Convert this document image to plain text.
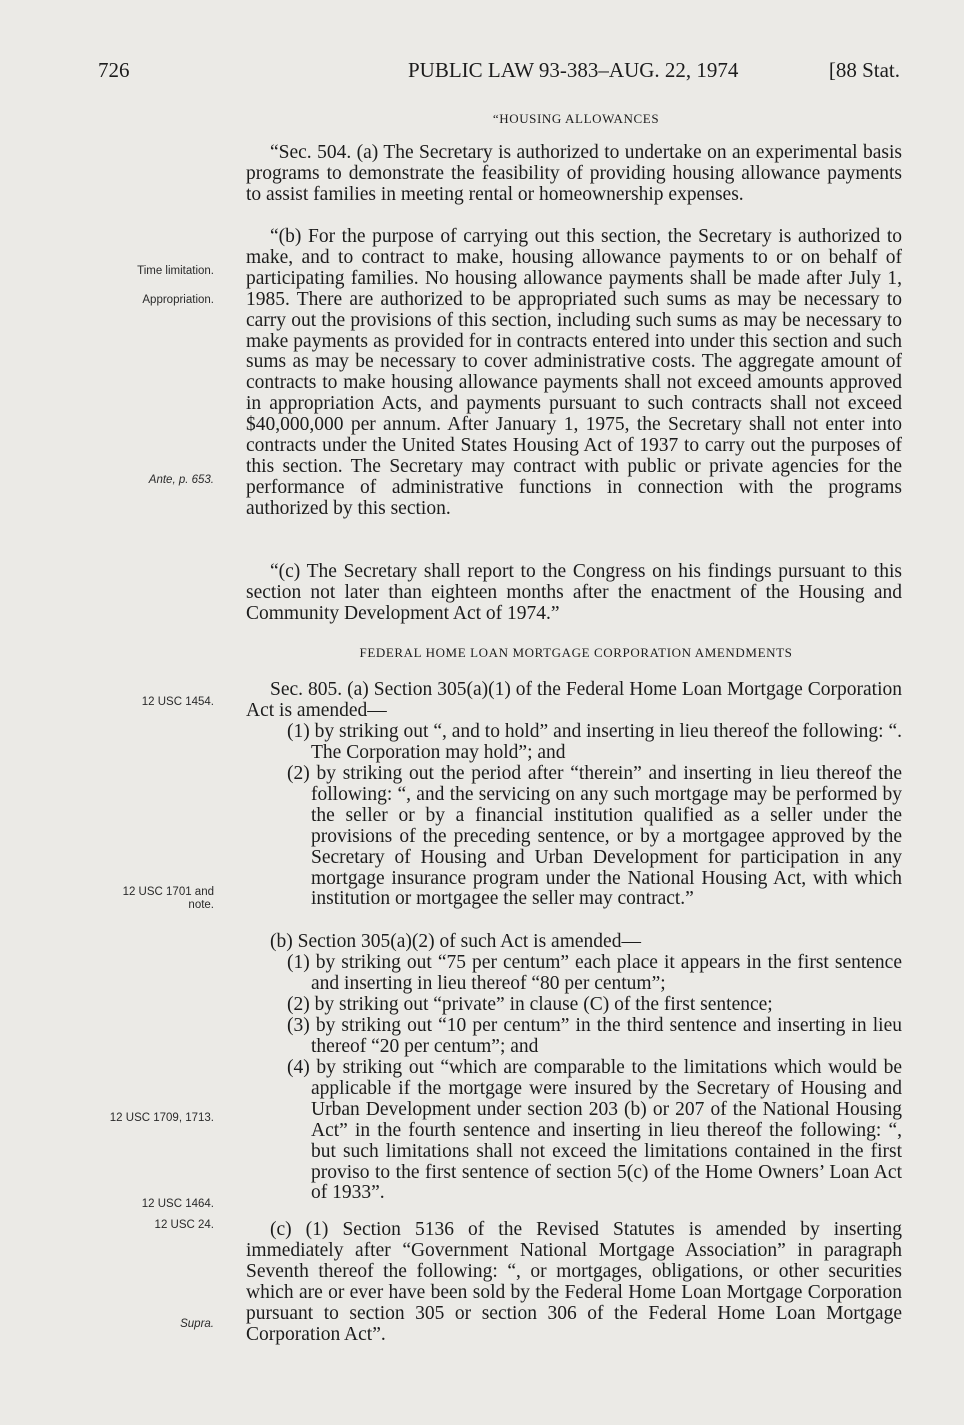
726	PUBLIC LAW 93-383–AUG. 22, 1974	[88 Stat.
“HOUSING ALLOWANCES

“Sec. 504. (a) The Secretary is authorized to undertake on an experimental basis programs to demonstrate the feasibility of providing housing allowance payments to assist families in meeting rental or homeownership expenses.

“(b) For the purpose of carrying out this section, the Secretary is authorized to make, and to contract to make, housing allowance payments to or on behalf of participating families. No housing allowance payments shall be made after July 1, 1985. There are authorized to be appropriated such sums as may be necessary to carry out the provisions of this section, including such sums as may be necessary to make payments as provided for in contracts entered into under this section and such sums as may be necessary to cover administrative costs. The aggregate amount of contracts to make housing allowance payments shall not exceed amounts approved in appropriation Acts, and payments pursuant to such contracts shall not exceed $40,000,000 per annum. After January 1, 1975, the Secretary shall not enter into contracts under the United States Housing Act of 1937 to carry out the purposes of this section. The Secretary may contract with public or private agencies for the performance of administrative functions in connection with the programs authorized by this section.

“(c) The Secretary shall report to the Congress on his findings pursuant to this section not later than eighteen months after the enactment of the Housing and Community Development Act of 1974.”

FEDERAL HOME LOAN MORTGAGE CORPORATION AMENDMENTS

Sec. 805. (a) Section 305(a)(1) of the Federal Home Loan Mortgage Corporation Act is amended—

(1) by striking out “, and to hold” and inserting in lieu thereof the following: “. The Corporation may hold”; and

(2) by striking out the period after “therein” and inserting in lieu thereof the following: “, and the servicing on any such mortgage may be performed by the seller or by a financial institution qualified as a seller under the provisions of the preceding sentence, or by a mortgagee approved by the Secretary of Housing and Urban Development for participation in any mortgage insurance program under the National Housing Act, with which institution or mortgagee the seller may contract.”

(b) Section 305(a)(2) of such Act is amended—

(1) by striking out “75 per centum” each place it appears in the first sentence and inserting in lieu thereof “80 per centum”;

(2) by striking out “private” in clause (C) of the first sentence;

(3) by striking out “10 per centum” in the third sentence and inserting in lieu thereof “20 per centum”; and

(4) by striking out “which are comparable to the limitations which would be applicable if the mortgage were insured by the Secretary of Housing and Urban Development under section 203 (b) or 207 of the National Housing Act” in the fourth sentence and inserting in lieu thereof the following: “, but such limitations shall not exceed the limitations contained in the first proviso to the first sentence of section 5(c) of the Home Owners’ Loan Act of 1933”.

(c) (1) Section 5136 of the Revised Statutes is amended by inserting immediately after “Government National Mortgage Association” in paragraph Seventh thereof the following: “, or mortgages, obligations, or other securities which are or ever have been sold by the Federal Home Loan Mortgage Corporation pursuant to section 305 or section 306 of the Federal Home Loan Mortgage Corporation Act”.

Time limitation.
Appropriation.
Ante, p. 653.
12 USC 1454.
12 USC 1701 and note.
12 USC 1709, 1713.
12 USC 1464.
12 USC 24.
Supra.
